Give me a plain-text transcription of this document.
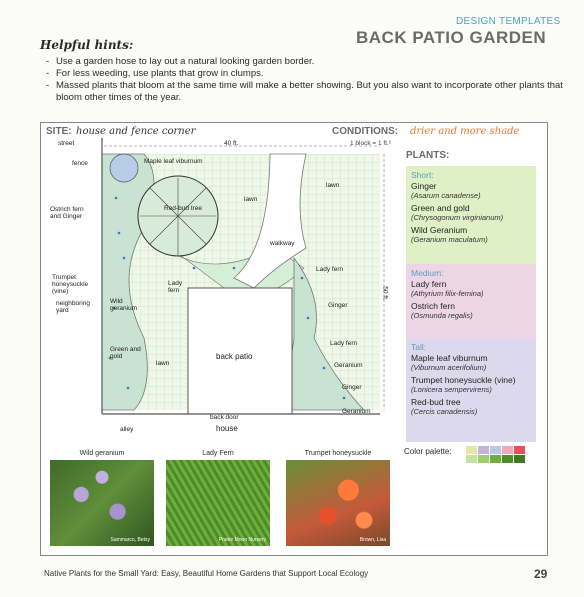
DESIGN TEMPLATES
BACK PATIO GARDEN
Helpful hints:
- Use a garden hose to lay out a natural looking garden border.
- For less weeding, use plants that grow in clumps.
- Massed plants that bloom at the same time will make a better showing. But you also want to incorporate other plants that bloom other times of the year.
SITE: house and fence corner	CONDITIONS: drier and more shade
1 block = 1 ft.²
street	40 ft.
fence	Maple leaf viburnum
Red-bud tree
lawn
lawn
Ostrich fern and Ginger
walkway
Lady fern
Lady fern
Lady fern
Trumpet honeysuckle (vine)
neighboring yard
Wild geranium
Green and gold
lawn
back patio
Ginger
Ginger
Geranium
Geranium
back door
house
alley
50 ft.
PLANTS:
Short:
Ginger
(Asarum canadense)
Green and gold
(Chrysogonum virginianum)
Wild Geranium
(Geranium maculatum)
Medium:
Lady fern
(Athyrium filix-femina)
Ostrich fern
(Osmunda regalis)
Tall:
Maple leaf viburnum
(Viburnum acerifolium)
Trumpet honeysuckle (vine)
(Lonicera sempervirens)
Red-bud tree
(Cercis canadensis)
Color palette:
Wild geranium
Sammarco, Betsy
Lady Fern
Prairie Moon Nursery
Trumpet honeysuckle
Brown, Lisa
Native Plants for the Small Yard: Easy, Beautiful Home Gardens that Support Local Ecology	29
